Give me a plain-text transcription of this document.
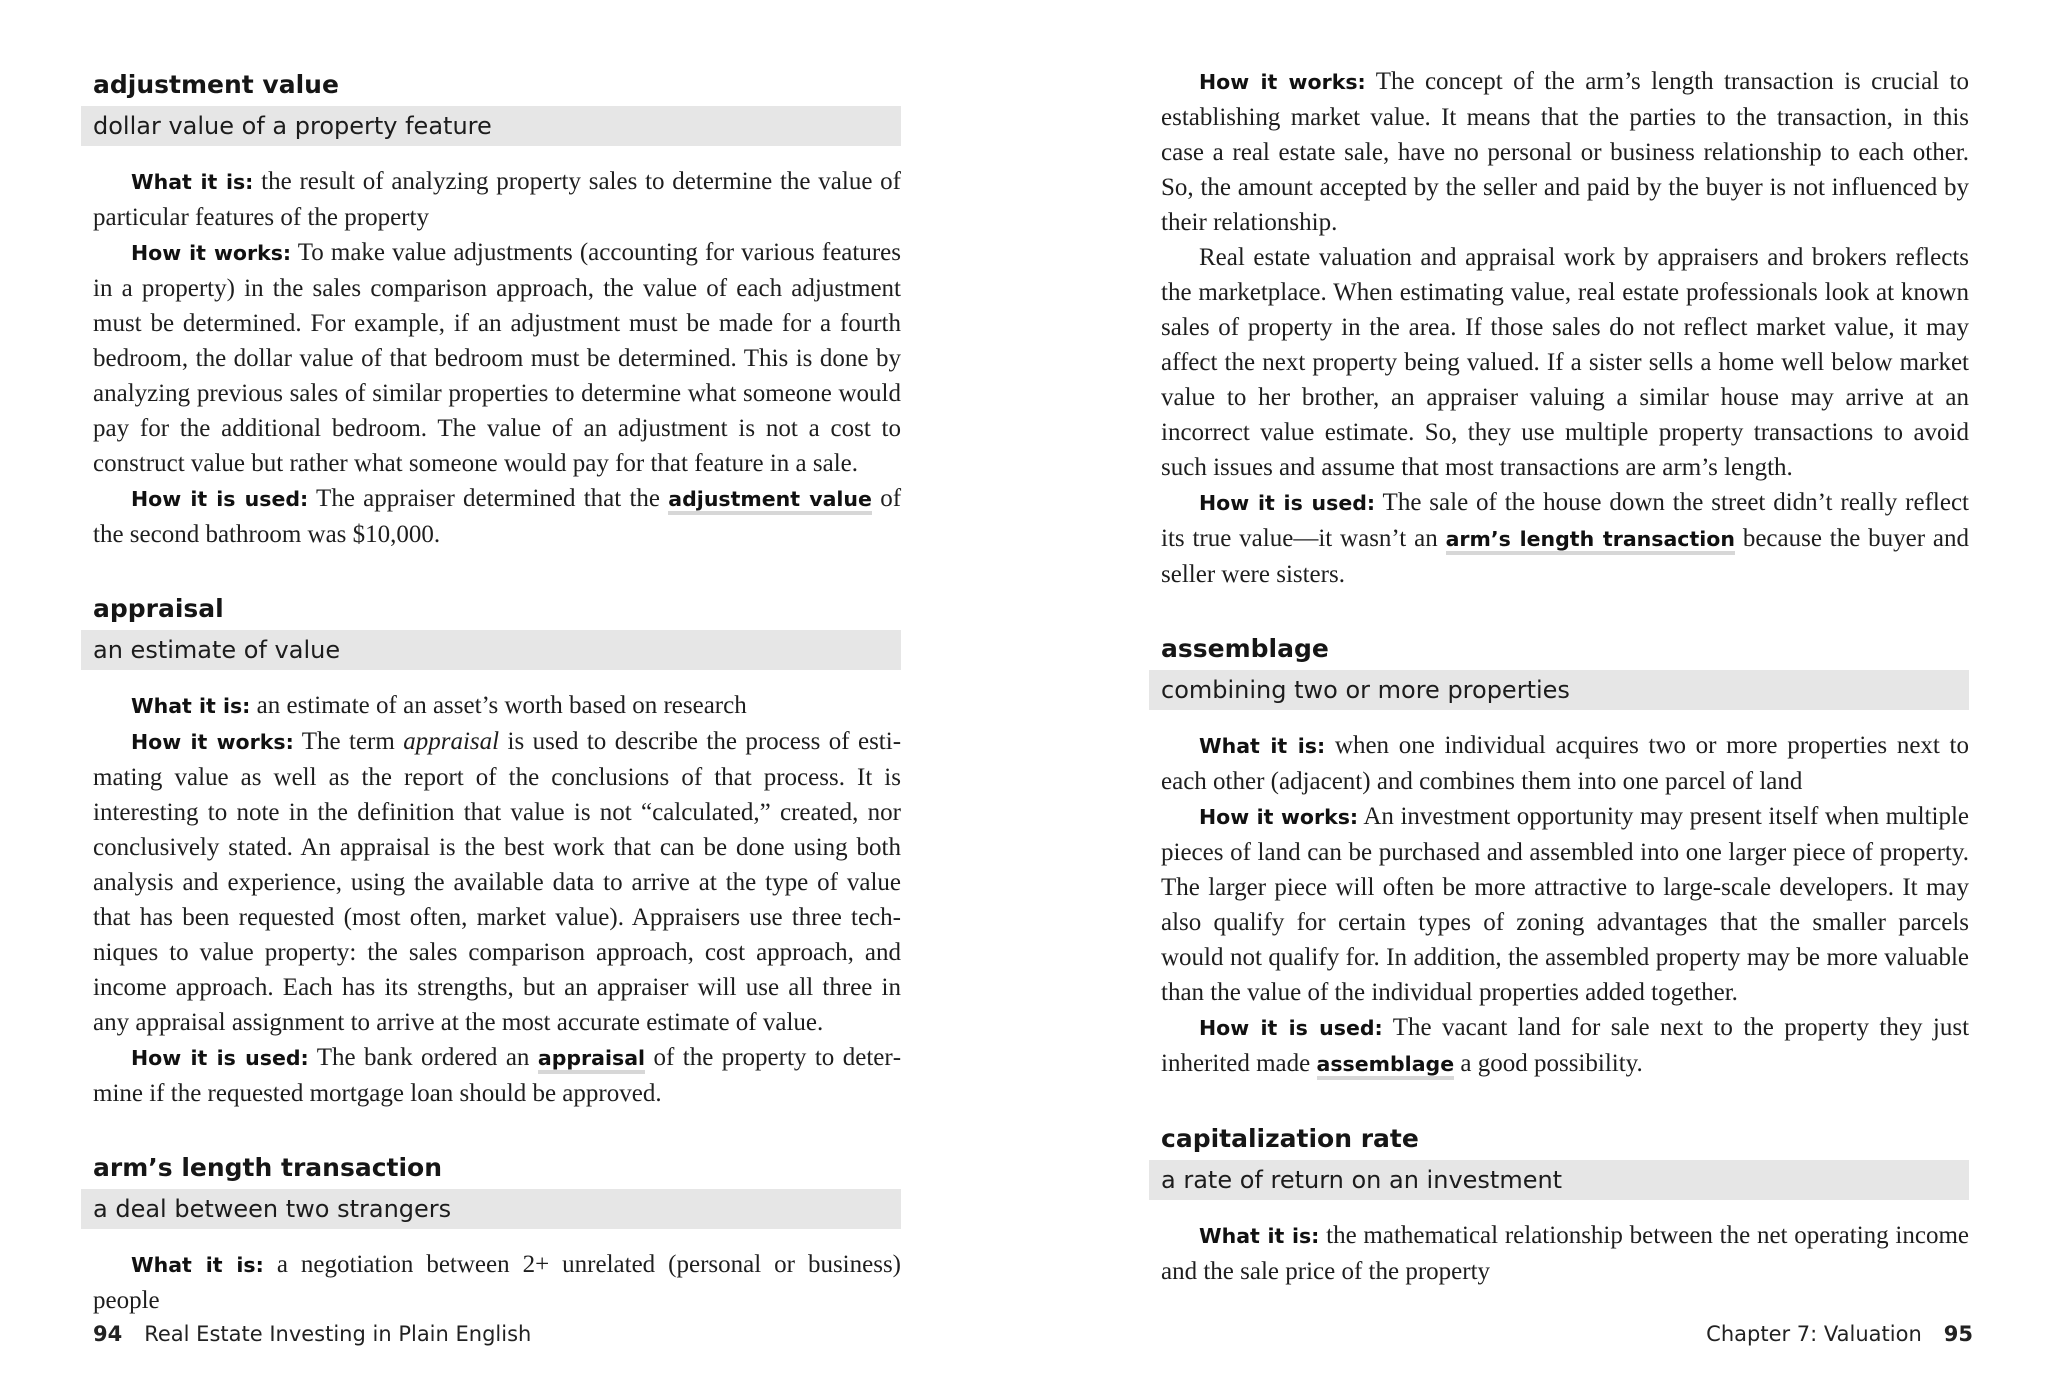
adjustment value
dollar value of a property feature

What it is: the result of analyzing property sales to determine the value of particular features of the property

How it works: To make value adjustments (accounting for various features in a property) in the sales comparison approach, the value of each adjustment must be determined. For example, if an adjustment must be made for a fourth bedroom, the dollar value of that bedroom must be determined. This is done by analyzing previous sales of similar properties to determine what someone would pay for the additional bedroom. The value of an adjustment is not a cost to construct value but rather what someone would pay for that feature in a sale.

How it is used: The appraiser determined that the adjustment value of the second bathroom was $10,000.

appraisal
an estimate of value

What it is: an estimate of an asset’s worth based on research

How it works: The term appraisal is used to describe the process of estimating value as well as the report of the conclusions of that process. It is interesting to note in the definition that value is not “calculated,” created, nor conclusively stated. An appraisal is the best work that can be done using both analysis and experience, using the available data to arrive at the type of value that has been requested (most often, market value). Appraisers use three techniques to value property: the sales comparison approach, cost approach, and income approach. Each has its strengths, but an appraiser will use all three in any appraisal assignment to arrive at the most accurate estimate of value.

How it is used: The bank ordered an appraisal of the property to determine if the requested mortgage loan should be approved.

arm’s length transaction
a deal between two strangers

What it is: a negotiation between 2+ unrelated (personal or business) people

How it works: The concept of the arm’s length transaction is crucial to establishing market value. It means that the parties to the transaction, in this case a real estate sale, have no personal or business relationship to each other. So, the amount accepted by the seller and paid by the buyer is not influenced by their relationship.

Real estate valuation and appraisal work by appraisers and brokers reflects the marketplace. When estimating value, real estate professionals look at known sales of property in the area. If those sales do not reflect market value, it may affect the next property being valued. If a sister sells a home well below market value to her brother, an appraiser valuing a similar house may arrive at an incorrect value estimate. So, they use multiple property transactions to avoid such issues and assume that most transactions are arm’s length.

How it is used: The sale of the house down the street didn’t really reflect its true value—it wasn’t an arm’s length transaction because the buyer and seller were sisters.

assemblage
combining two or more properties

What it is: when one individual acquires two or more properties next to each other (adjacent) and combines them into one parcel of land

How it works: An investment opportunity may present itself when multiple pieces of land can be purchased and assembled into one larger piece of property. The larger piece will often be more attractive to large-scale developers. It may also qualify for certain types of zoning advantages that the smaller parcels would not qualify for. In addition, the assembled property may be more valuable than the value of the individual properties added together.

How it is used: The vacant land for sale next to the property they just inherited made assemblage a good possibility.

capitalization rate
a rate of return on an investment

What it is: the mathematical relationship between the net operating income and the sale price of the property

94 Real Estate Investing in Plain English	Chapter 7: Valuation 95
